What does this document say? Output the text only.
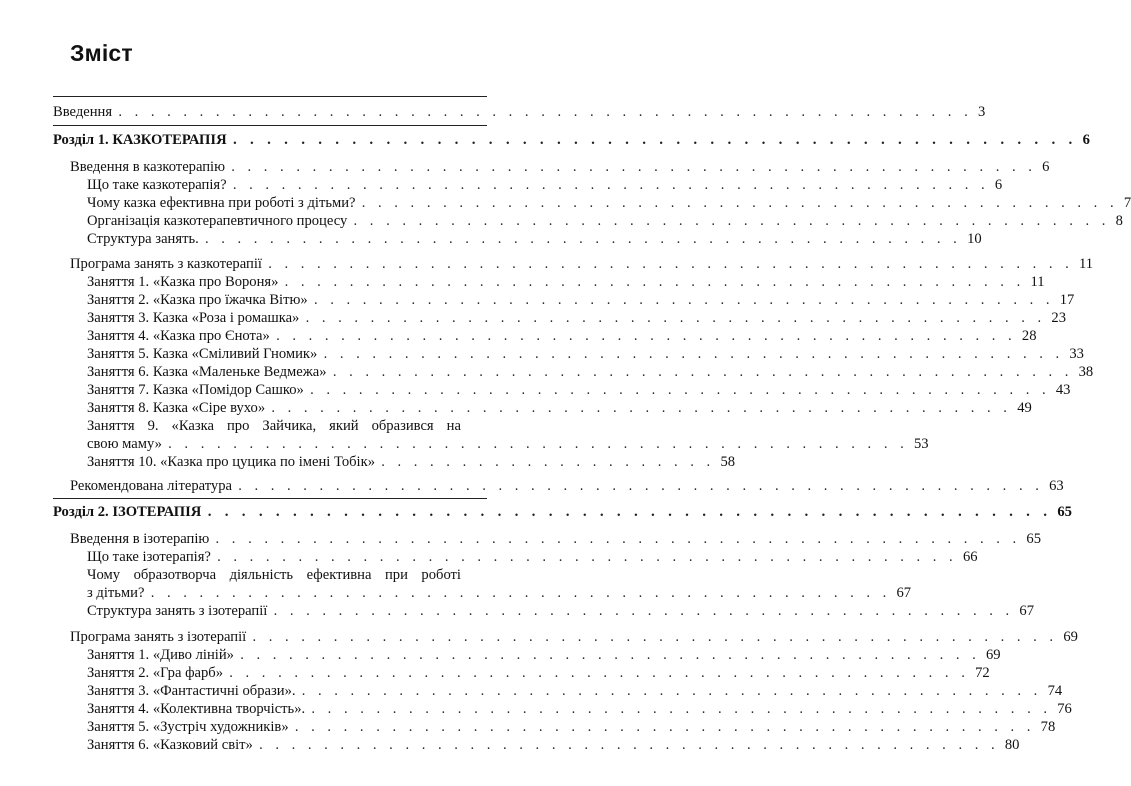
Зміст
Введення . . . . . . . . . . . . . . . . . . . . . . . . . . . . . . . . . . . . . . . . . . . . . . . . . . . . . 3
Розділ 1. КАЗКОТЕРАПІЯ . . . . . . . . . . . . . . . . . . . . . . . . . . . . . . . . . . . . . . . . . . . . . . . . . . 6
Введення в казкотерапію . . . . . . . . . . . . . . . . . . . . . . . . . . . . . . . . . . . . . . . . . . . . . . . . . . 6
Що таке казкотерапія? . . . . . . . . . . . . . . . . . . . . . . . . . . . . . . . . . . . . . . . . . . . . . . . 6
Чому казка ефективна при роботі з дітьми? . . . . . . . . . . . . . . . . . . . . . . . . . . . . . . . . . . . . . . . . . . . . . . . 7
Організація казкотерапевтичного процесу . . . . . . . . . . . . . . . . . . . . . . . . . . . . . . . . . . . . . . . . . . . . . . . 8
Структура занять. . . . . . . . . . . . . . . . . . . . . . . . . . . . . . . . . . . . . . . . . . . . . . . . 10
Програма занять з казкотерапії . . . . . . . . . . . . . . . . . . . . . . . . . . . . . . . . . . . . . . . . . . . . . . . . . . 11
Заняття 1. «Казка про Вороня» . . . . . . . . . . . . . . . . . . . . . . . . . . . . . . . . . . . . . . . . . . . . . . 11
Заняття 2. «Казка про їжачка Вітю» . . . . . . . . . . . . . . . . . . . . . . . . . . . . . . . . . . . . . . . . . . . . . . 17
Заняття 3. Казка «Роза і ромашка» . . . . . . . . . . . . . . . . . . . . . . . . . . . . . . . . . . . . . . . . . . . . . . 23
Заняття 4. «Казка про Єнота» . . . . . . . . . . . . . . . . . . . . . . . . . . . . . . . . . . . . . . . . . . . . . . 28
Заняття 5. Казка «Сміливий Гномик» . . . . . . . . . . . . . . . . . . . . . . . . . . . . . . . . . . . . . . . . . . . . . . 33
Заняття 6. Казка «Маленьке Ведмежа» . . . . . . . . . . . . . . . . . . . . . . . . . . . . . . . . . . . . . . . . . . . . . . 38
Заняття 7. Казка «Помідор Сашко» . . . . . . . . . . . . . . . . . . . . . . . . . . . . . . . . . . . . . . . . . . . . . . 43
Заняття 8. Казка «Сіре вухо» . . . . . . . . . . . . . . . . . . . . . . . . . . . . . . . . . . . . . . . . . . . . . . 49
Заняття 9. «Казка про Зайчика, який образився на
свою маму» . . . . . . . . . . . . . . . . . . . . . . . . . . . . . . . . . . . . . . . . . . . . . . 53
Заняття 10. «Казка про цуцика по імені Тобік» . . . . . . . . . . . . . . . . . . . . . 58
Рекомендована література . . . . . . . . . . . . . . . . . . . . . . . . . . . . . . . . . . . . . . . . . . . . . . . . . . 63
Розділ 2. ІЗОТЕРАПІЯ . . . . . . . . . . . . . . . . . . . . . . . . . . . . . . . . . . . . . . . . . . . . . . . . . . 65
Введення в ізотерапію . . . . . . . . . . . . . . . . . . . . . . . . . . . . . . . . . . . . . . . . . . . . . . . . . . 65
Що таке ізотерапія? . . . . . . . . . . . . . . . . . . . . . . . . . . . . . . . . . . . . . . . . . . . . . . 66
Чому образотворча діяльність ефективна при роботі
з дітьми? . . . . . . . . . . . . . . . . . . . . . . . . . . . . . . . . . . . . . . . . . . . . . . 67
Структура занять з ізотерапії . . . . . . . . . . . . . . . . . . . . . . . . . . . . . . . . . . . . . . . . . . . . . . 67
Програма занять з ізотерапії . . . . . . . . . . . . . . . . . . . . . . . . . . . . . . . . . . . . . . . . . . . . . . . . . . 69
Заняття 1. «Диво ліній» . . . . . . . . . . . . . . . . . . . . . . . . . . . . . . . . . . . . . . . . . . . . . . 69
Заняття 2. «Гра фарб» . . . . . . . . . . . . . . . . . . . . . . . . . . . . . . . . . . . . . . . . . . . . . . 72
Заняття 3. «Фантастичні образи». . . . . . . . . . . . . . . . . . . . . . . . . . . . . . . . . . . . . . . . . . . . . . . 74
Заняття 4. «Колективна творчість». . . . . . . . . . . . . . . . . . . . . . . . . . . . . . . . . . . . . . . . . . . . . . . 76
Заняття 5. «Зустріч художників» . . . . . . . . . . . . . . . . . . . . . . . . . . . . . . . . . . . . . . . . . . . . . . 78
Заняття 6. «Казковий світ» . . . . . . . . . . . . . . . . . . . . . . . . . . . . . . . . . . . . . . . . . . . . . . 80
